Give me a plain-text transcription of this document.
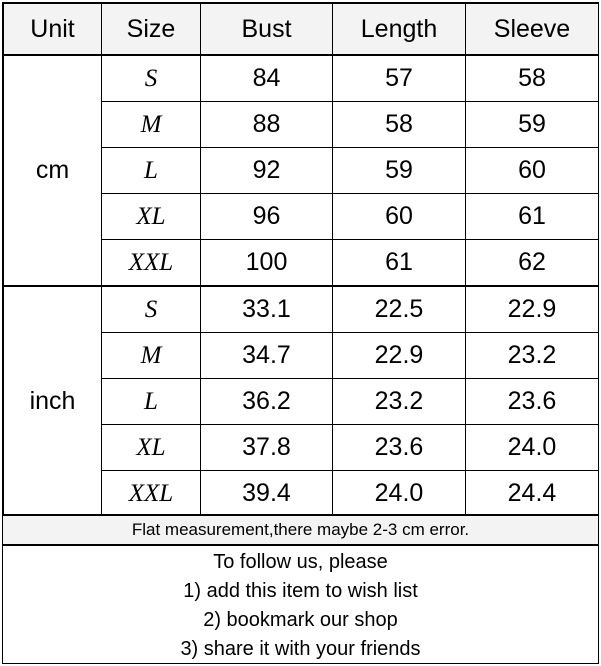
Unit	Size	Bust	Length	Sleeve
cm	S	84	57	58
	M	88	58	59
	L	92	59	60
	XL	96	60	61
	XXL	100	61	62
inch	S	33.1	22.5	22.9
	M	34.7	22.9	23.2
	L	36.2	23.2	23.6
	XL	37.8	23.6	24.0
	XXL	39.4	24.0	24.4
Flat measurement,there maybe 2-3 cm error.
To follow us, please
1) add this item to wish list
2) bookmark our shop
3) share it with your friends
